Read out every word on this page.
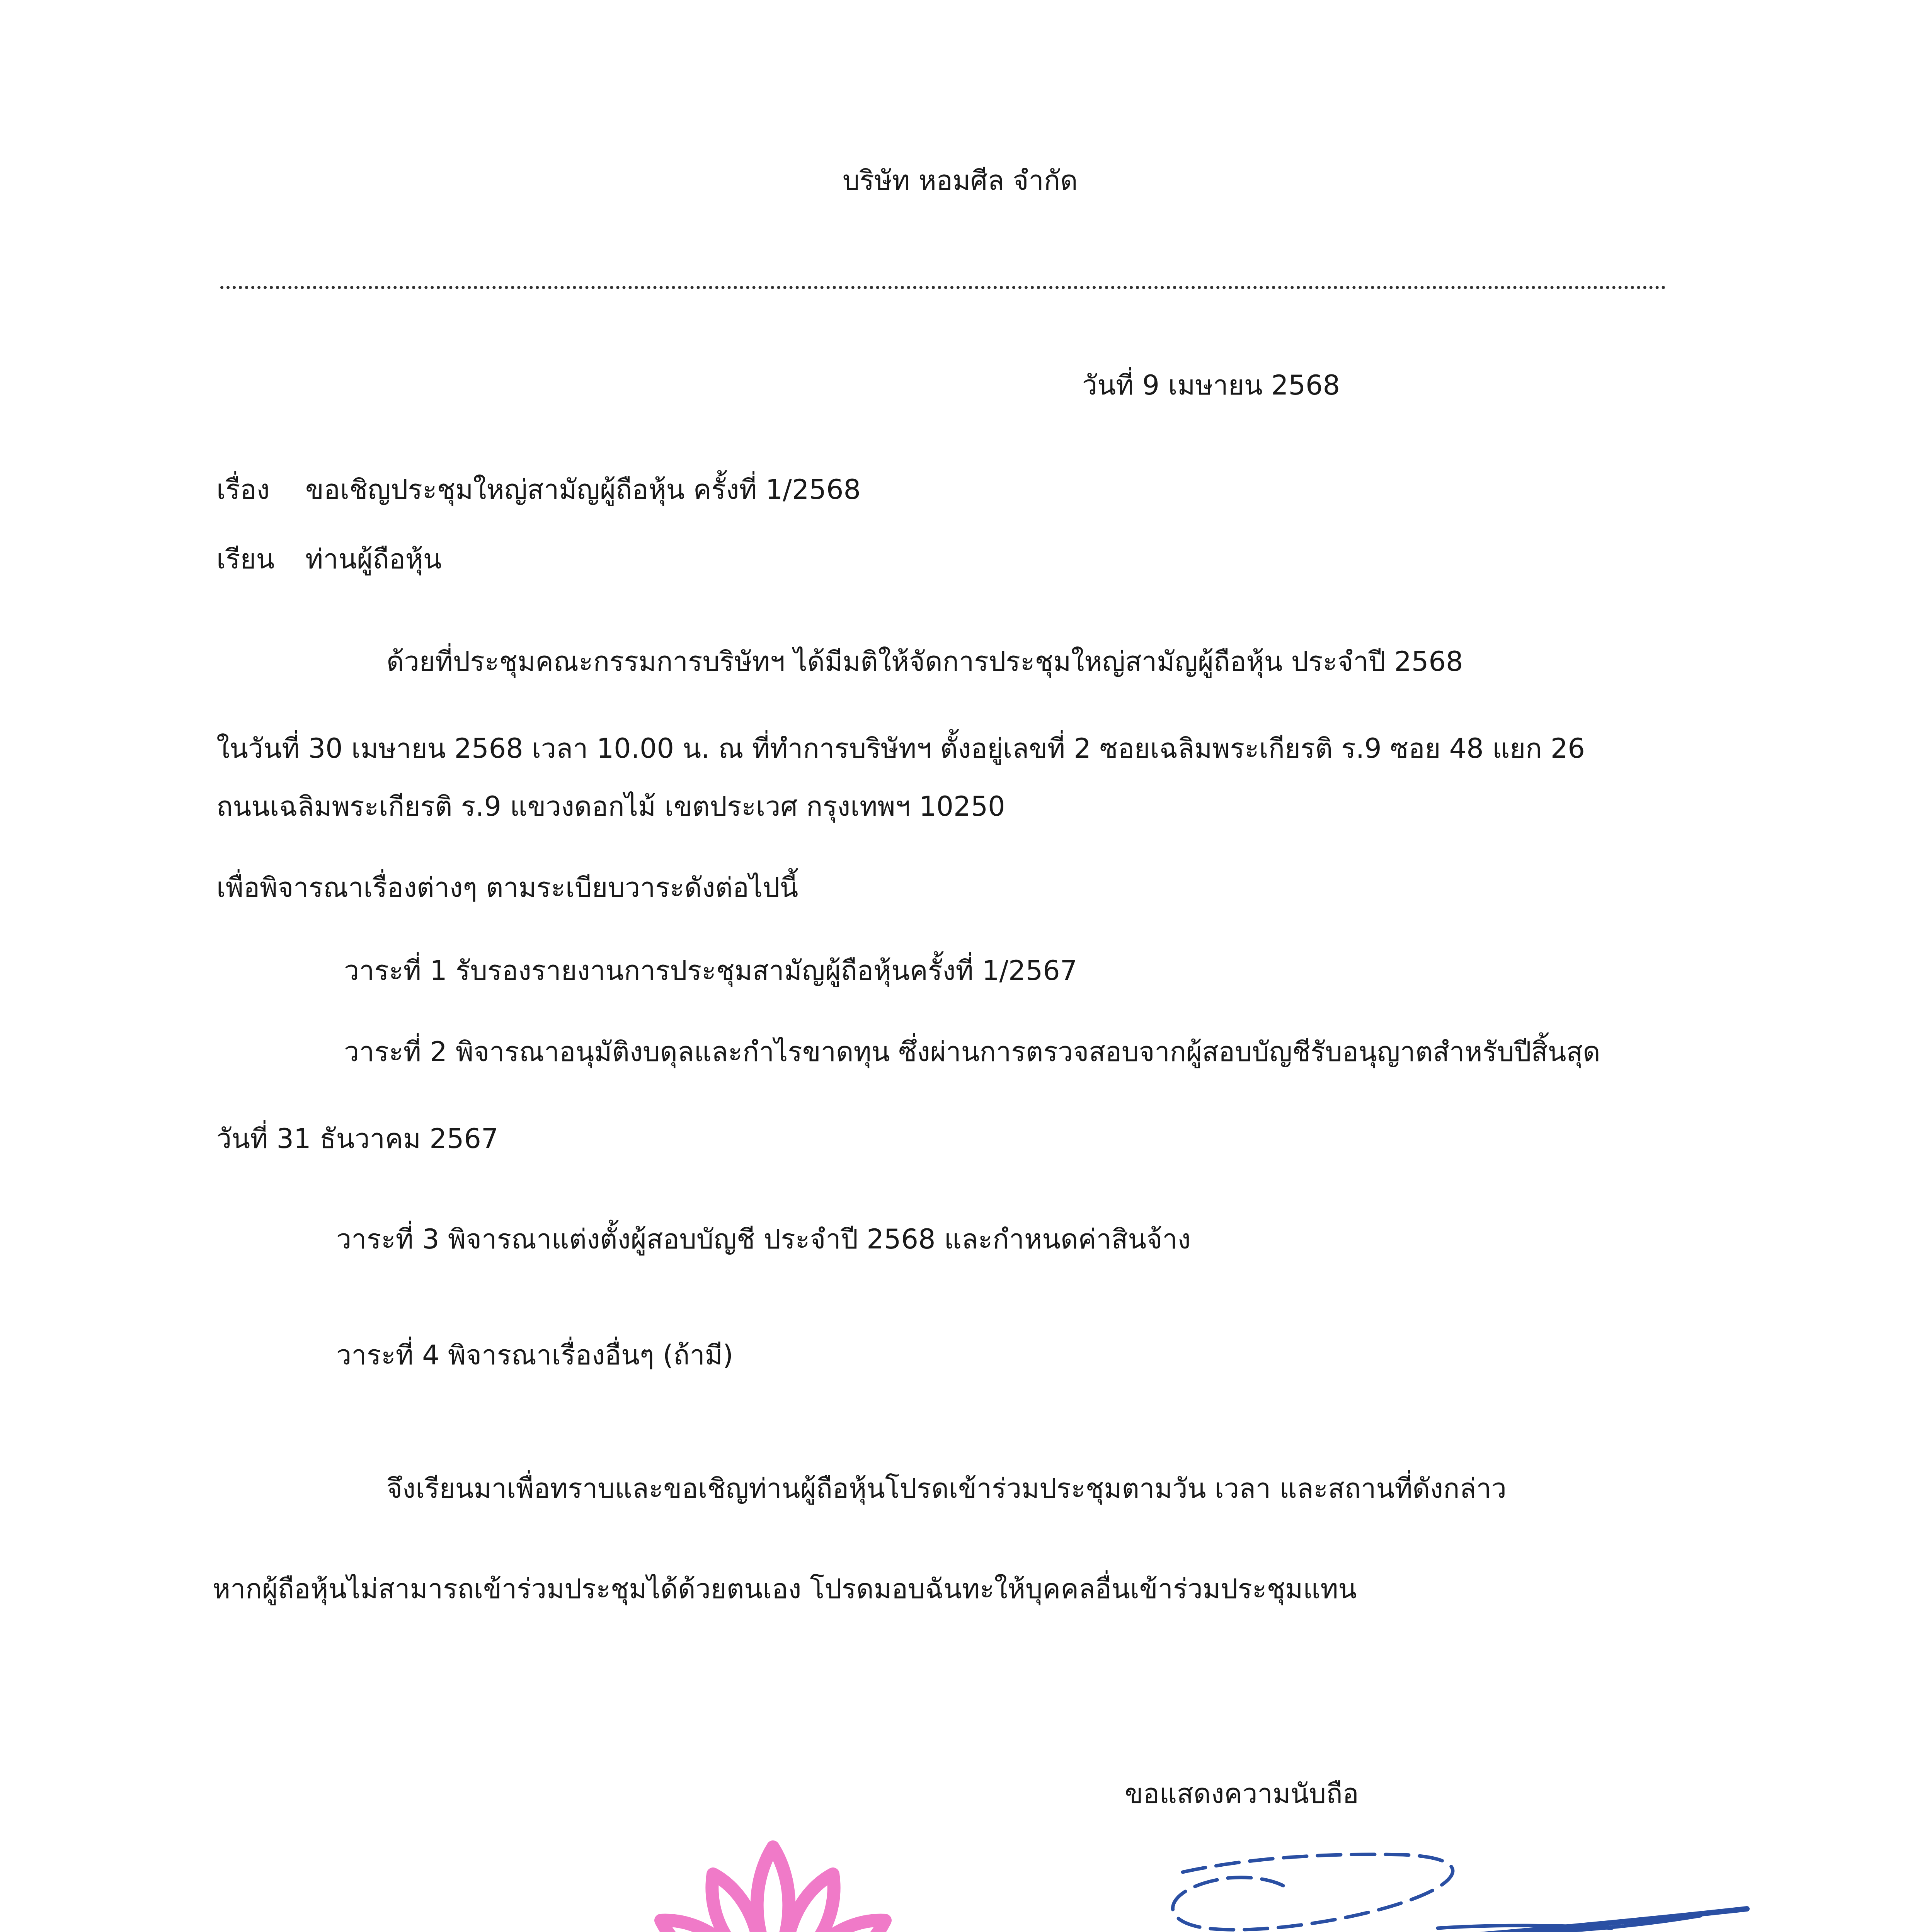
บริษัท หอมศีล จำกัด

วันที่ 9 เมษายน 2568

เรื่อง ขอเชิญประชุมใหญ่สามัญผู้ถือหุ้น ครั้งที่ 1/2568

เรียน ท่านผู้ถือหุ้น

ด้วยที่ประชุมคณะกรรมการบริษัทฯ ได้มีมติให้จัดการประชุมใหญ่สามัญผู้ถือหุ้น ประจำปี 2568

ในวันที่ 30 เมษายน 2568 เวลา 10.00 น. ณ ที่ทำการบริษัทฯ ตั้งอยู่เลขที่ 2 ซอยเฉลิมพระเกียรติ ร.9 ซอย 48 แยก 26

ถนนเฉลิมพระเกียรติ ร.9 แขวงดอกไม้ เขตประเวศ กรุงเทพฯ 10250

เพื่อพิจารณาเรื่องต่างๆ ตามระเบียบวาระดังต่อไปนี้

วาระที่ 1 รับรองรายงานการประชุมสามัญผู้ถือหุ้นครั้งที่ 1/2567

วาระที่ 2 พิจารณาอนุมัติงบดุลและกำไรขาดทุน ซึ่งผ่านการตรวจสอบจากผู้สอบบัญชีรับอนุญาตสำหรับปีสิ้นสุด

วันที่ 31 ธันวาคม 2567

วาระที่ 3 พิจารณาแต่งตั้งผู้สอบบัญชี ประจำปี 2568 และกำหนดค่าสินจ้าง

วาระที่ 4 พิจารณาเรื่องอื่นๆ (ถ้ามี)

จึงเรียนมาเพื่อทราบและขอเชิญท่านผู้ถือหุ้นโปรดเข้าร่วมประชุมตามวัน เวลา และสถานที่ดังกล่าว

หากผู้ถือหุ้นไม่สามารถเข้าร่วมประชุมได้ด้วยตนเอง โปรดมอบฉันทะให้บุคคลอื่นเข้าร่วมประชุมแทน

ขอแสดงความนับถือ
